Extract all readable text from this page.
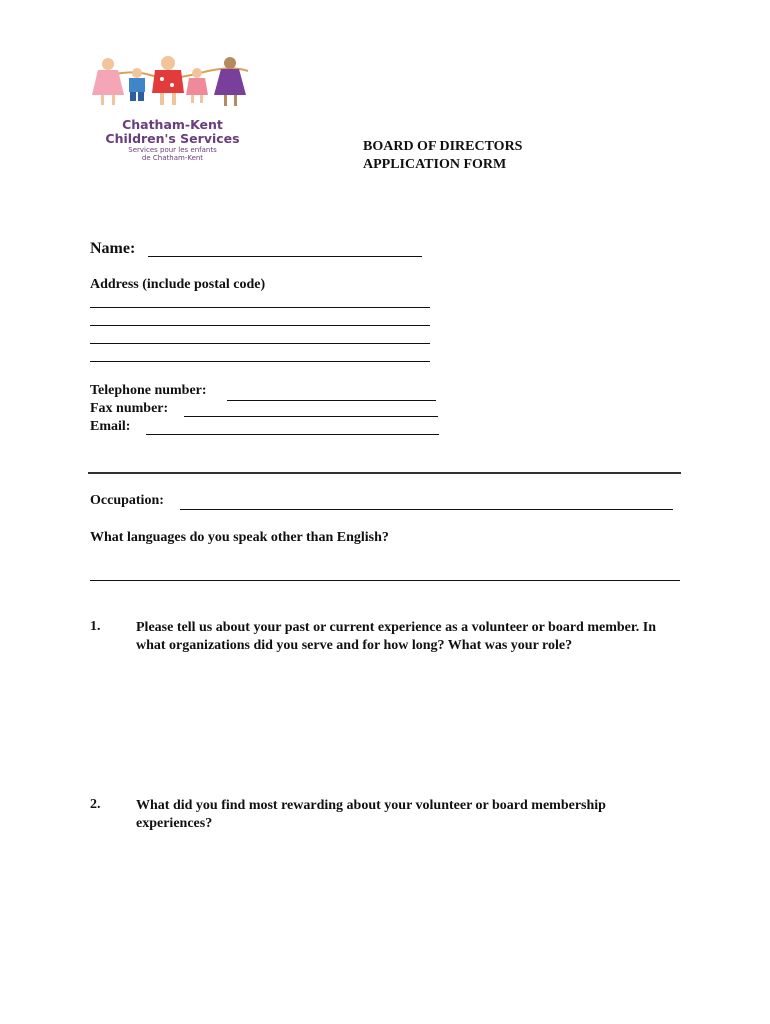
Chatham-Kent
Children's Services
Services pour les enfants
de Chatham-Kent
BOARD OF DIRECTORS
APPLICATION FORM
Name:
Address (include postal code)
Telephone number:
Fax number:
Email:
Occupation:
What languages do you speak other than English?
1.	Please tell us about your past or current experience as a volunteer or board member. In what organizations did you serve and for how long? What was your role?
2.	What did you find most rewarding about your volunteer or board membership experiences?
